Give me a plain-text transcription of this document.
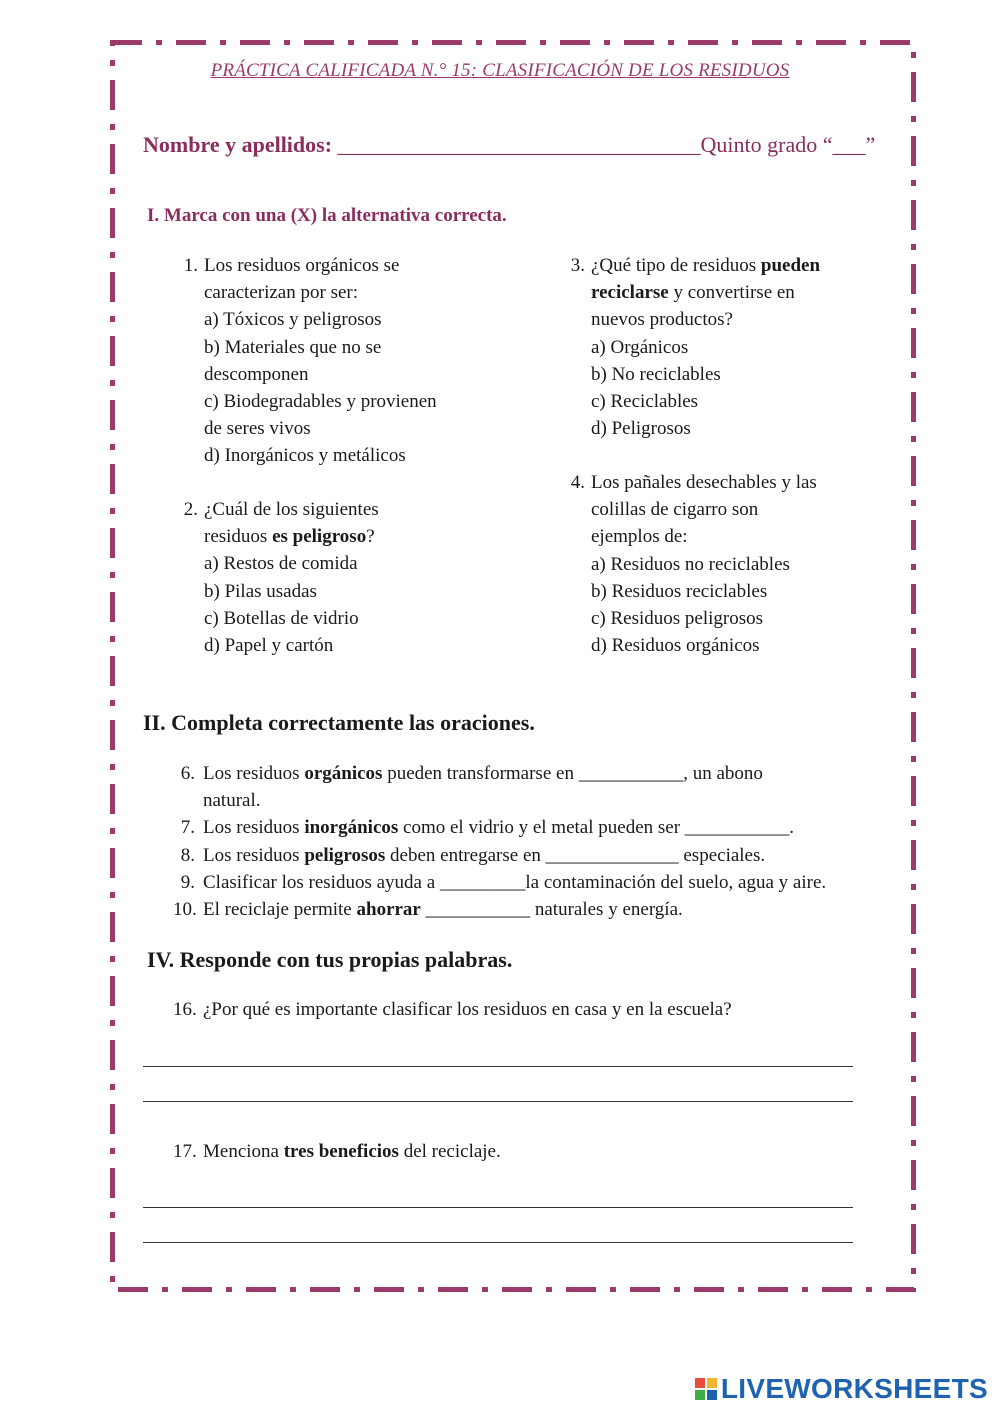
PRÁCTICA CALIFICADA N.° 15: CLASIFICACIÓN DE LOS RESIDUOS
Nombre y apellidos: _________________________________Quinto grado “___”
I. Marca con una (X) la alternativa correcta.
1. Los residuos orgánicos se
caracterizan por ser:
a) Tóxicos y peligrosos
b) Materiales que no se
descomponen
c) Biodegradables y provienen
de seres vivos
d) Inorgánicos y metálicos
2. ¿Cuál de los siguientes
residuos es peligroso?
a) Restos de comida
b) Pilas usadas
c) Botellas de vidrio
d) Papel y cartón
3. ¿Qué tipo de residuos pueden
reciclarse y convertirse en
nuevos productos?
a) Orgánicos
b) No reciclables
c) Reciclables
d) Peligrosos
4. Los pañales desechables y las
colillas de cigarro son
ejemplos de:
a) Residuos no reciclables
b) Residuos reciclables
c) Residuos peligrosos
d) Residuos orgánicos
II. Completa correctamente las oraciones.
6. Los residuos orgánicos pueden transformarse en ___________, un abono
natural.
7. Los residuos inorgánicos como el vidrio y el metal pueden ser ___________.
8. Los residuos peligrosos deben entregarse en ______________ especiales.
9. Clasificar los residuos ayuda a _________la contaminación del suelo, agua y aire.
10. El reciclaje permite ahorrar ___________ naturales y energía.
IV. Responde con tus propias palabras.
16. ¿Por qué es importante clasificar los residuos en casa y en la escuela?
17. Menciona tres beneficios del reciclaje.
LIVEWORKSHEETS
